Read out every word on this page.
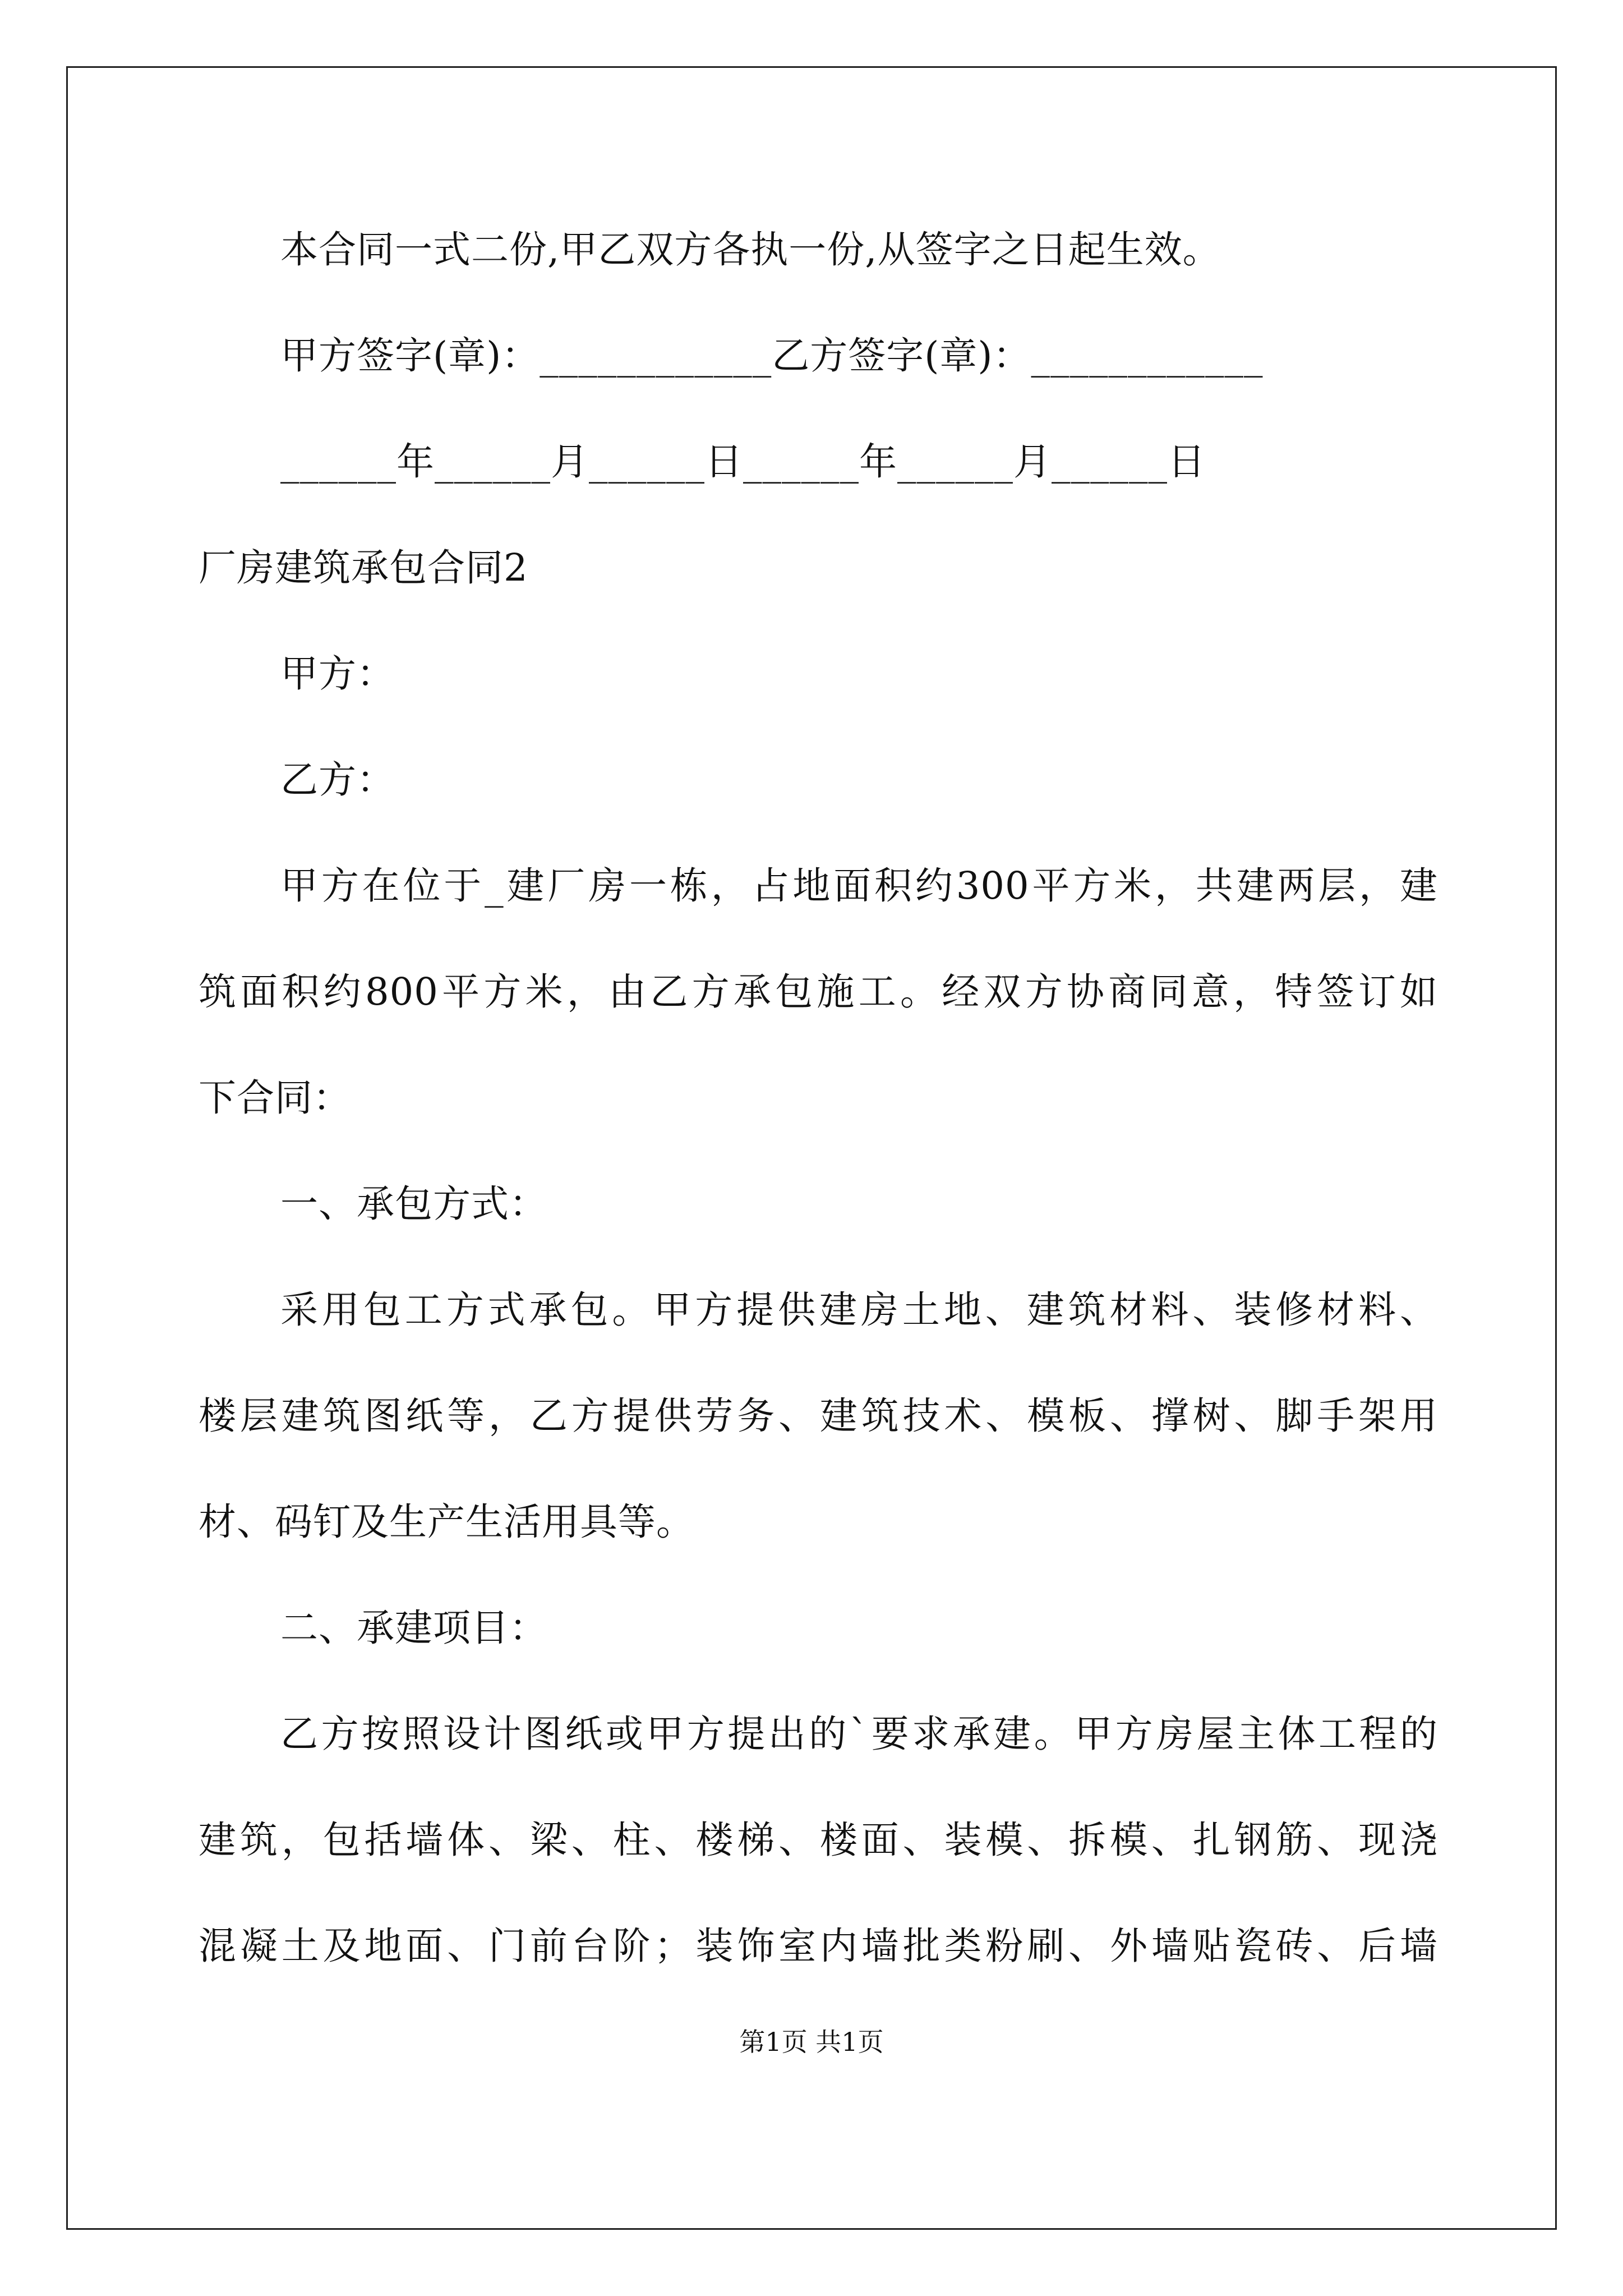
本合同一式二份,甲乙双方各执一份,从签字之日起生效。
甲方签字(章)：____________乙方签字(章)：____________
______年______月______日______年______月______日
厂房建筑承包合同2
甲方：
乙方：
甲方在位于_建厂房一栋，占地面积约300平方米，共建两层，建
筑面积约800平方米，由乙方承包施工。经双方协商同意，特签订如
下合同：
一、承包方式：
采用包工方式承包。甲方提供建房土地、建筑材料、装修材料、
楼层建筑图纸等，乙方提供劳务、建筑技术、模板、撑树、脚手架用
材、码钉及生产生活用具等。
二、承建项目：
乙方按照设计图纸或甲方提出的`要求承建。甲方房屋主体工程的
建筑，包括墙体、梁、柱、楼梯、楼面、装模、拆模、扎钢筋、现浇
混凝土及地面、门前台阶；装饰室内墙批类粉刷、外墙贴瓷砖、后墙
第1页 共1页
